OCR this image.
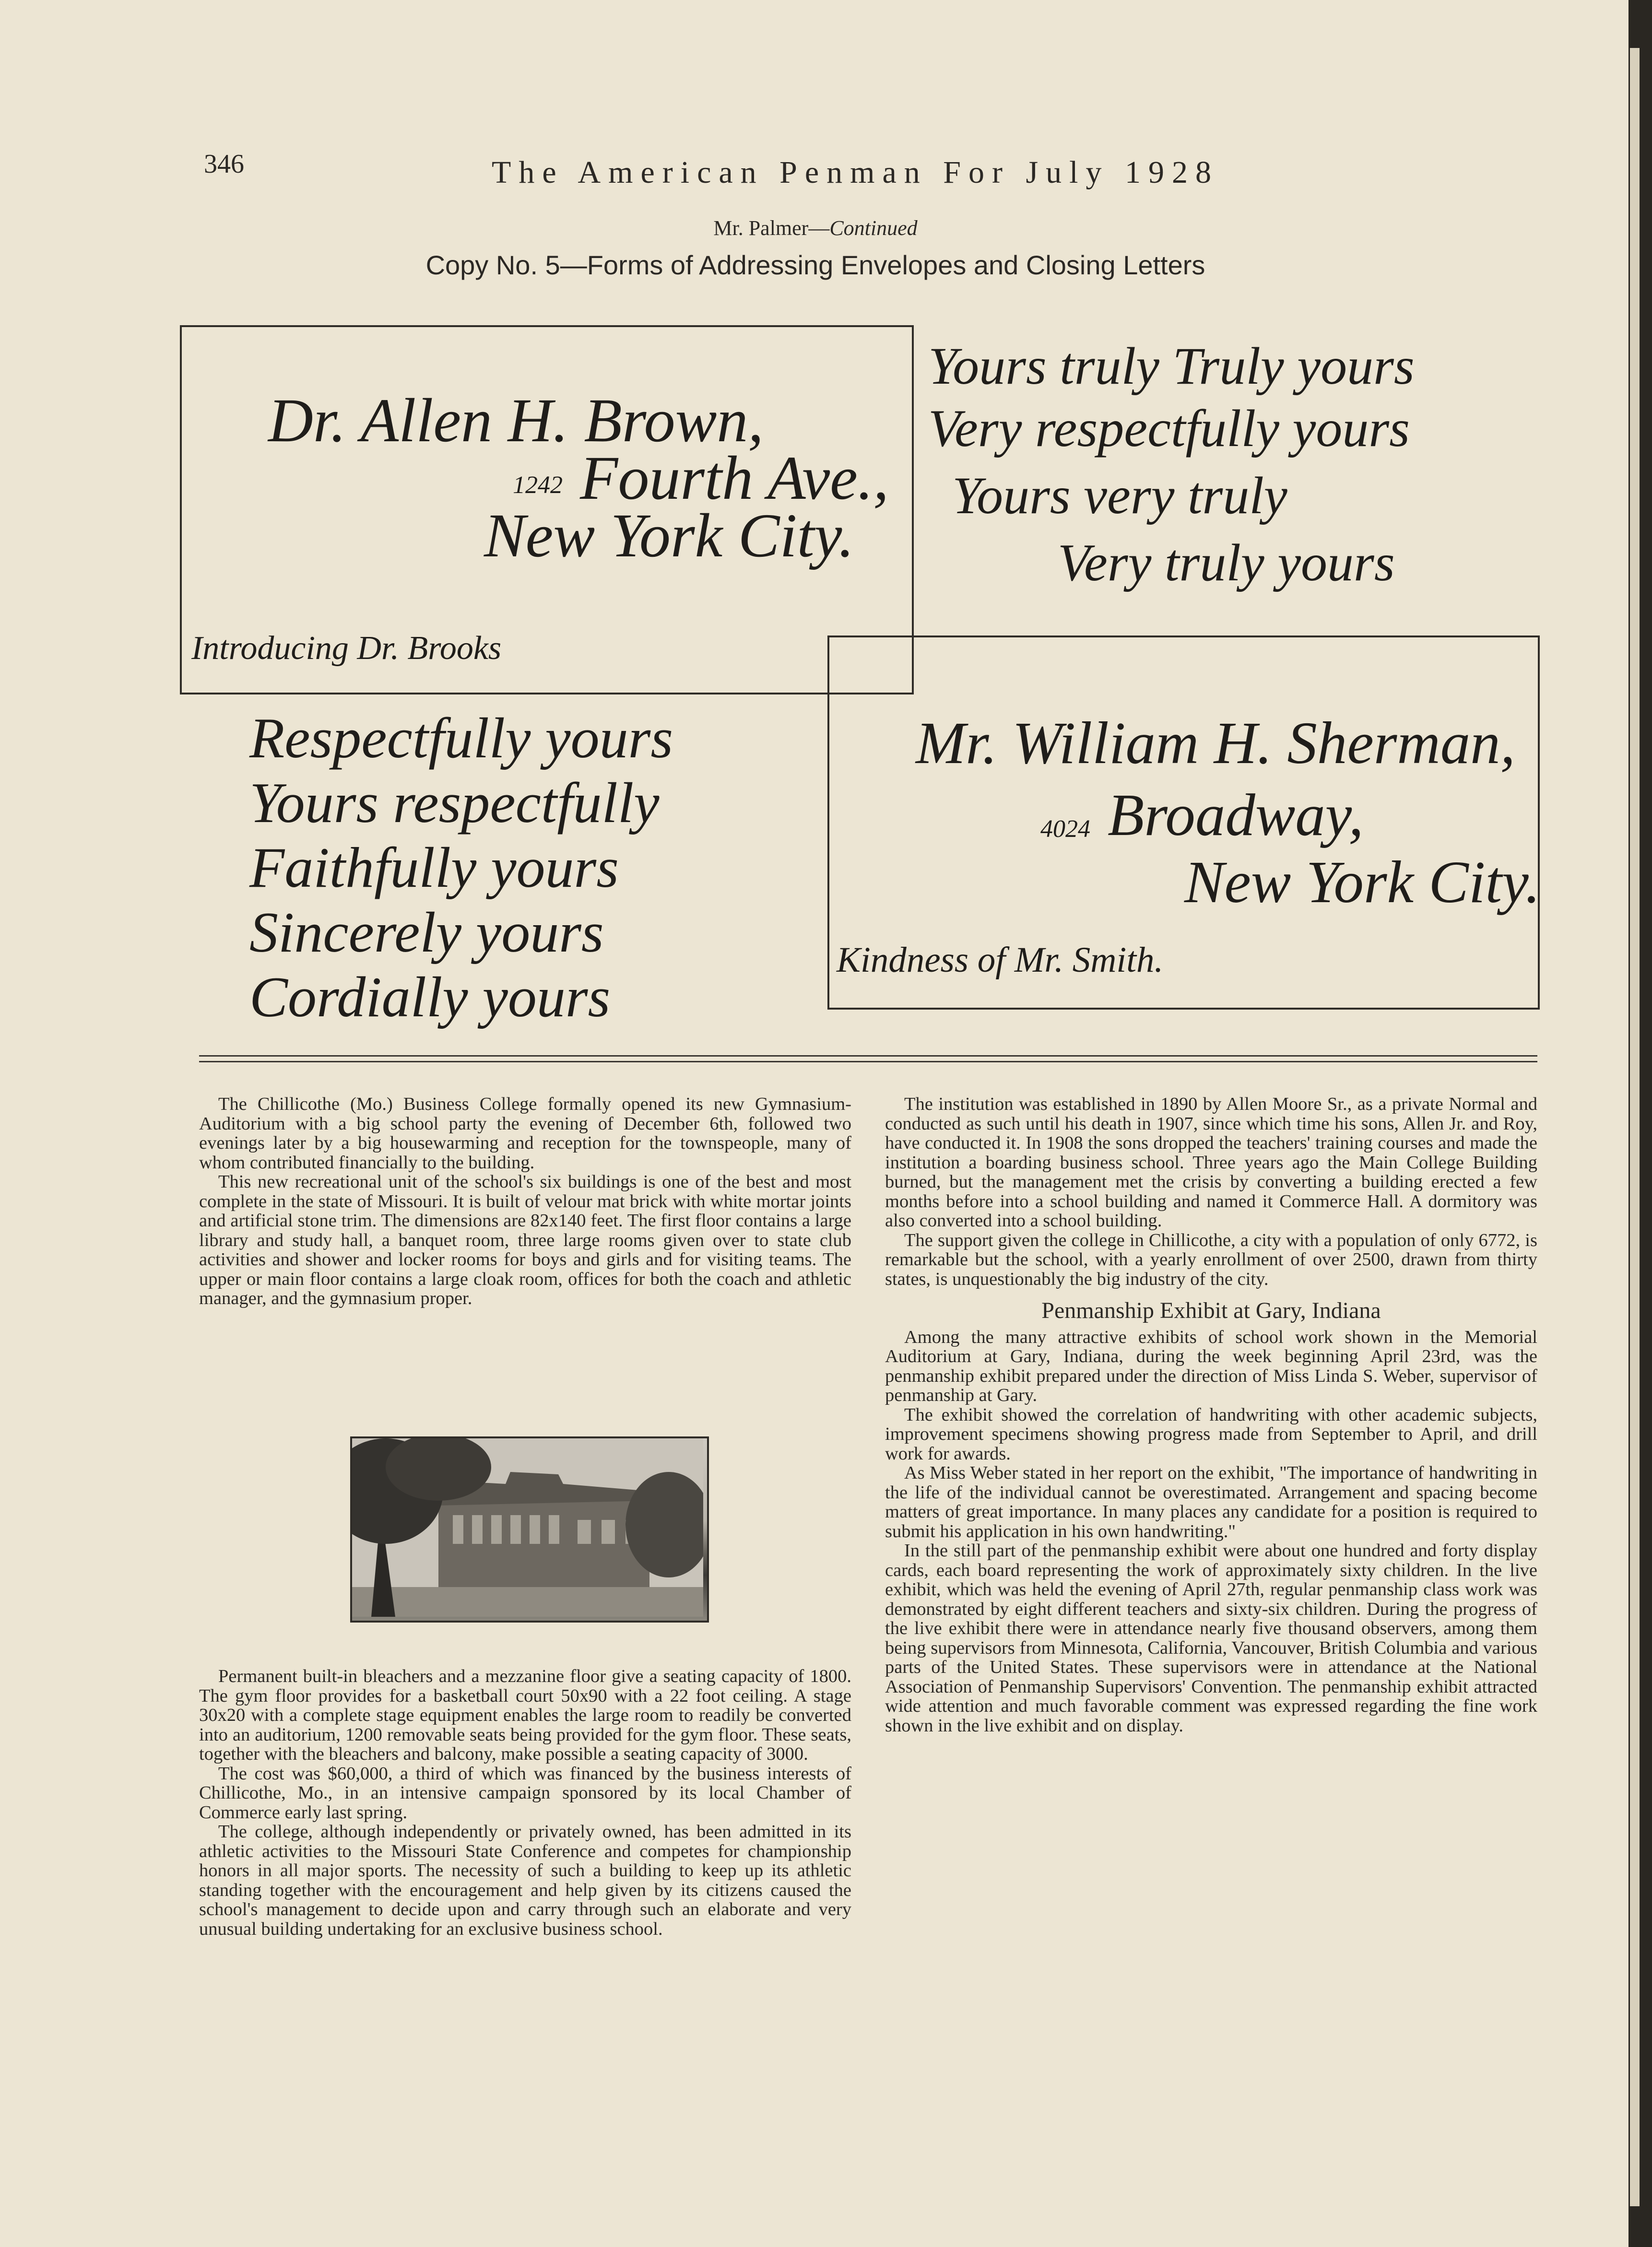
346	The American Penman For July 1928
Mr. Palmer—Continued
Copy No. 5—Forms of Addressing Envelopes and Closing Letters
Dr. Allen H. Brown,
1242 Fourth Ave.,
New York City.
Introducing Dr. Brooks
Yours truly Truly yours
Very respectfully yours
Yours very truly
Very truly yours
Respectfully yours
Yours respectfully
Faithfully yours
Sincerely yours
Cordially yours
Mr. William H. Sherman,
4024 Broadway,
New York City.
Kindness of Mr. Smith.

The Chillicothe (Mo.) Business College formally opened its new Gymnasium-Auditorium with a big school party the evening of December 6th, followed two evenings later by a big housewarming and reception for the townspeople, many of whom contributed financially to the building.

This new recreational unit of the school's six buildings is one of the best and most complete in the state of Missouri. It is built of velour mat brick with white mortar joints and artificial stone trim. The dimensions are 82x140 feet. The first floor contains a large library and study hall, a banquet room, three large rooms given over to state club activities and shower and locker rooms for boys and girls and for visiting teams. The upper or main floor contains a large cloak room, offices for both the coach and athletic manager, and the gymnasium proper.

Permanent built-in bleachers and a mezzanine floor give a seating capacity of 1800. The gym floor provides for a basketball court 50x90 with a 22 foot ceiling. A stage 30x20 with a complete stage equipment enables the large room to readily be converted into an auditorium, 1200 removable seats being provided for the gym floor. These seats, together with the bleachers and balcony, make possible a seating capacity of 3000.

The cost was $60,000, a third of which was financed by the business interests of Chillicothe, Mo., in an intensive campaign sponsored by its local Chamber of Commerce early last spring.

The college, although independently or privately owned, has been admitted in its athletic activities to the Missouri State Conference and competes for championship honors in all major sports. The necessity of such a building to keep up its athletic standing together with the encouragement and help given by its citizens caused the school's management to decide upon and carry through such an elaborate and very unusual building undertaking for an exclusive business school.

The institution was established in 1890 by Allen Moore Sr., as a private Normal and conducted as such until his death in 1907, since which time his sons, Allen Jr. and Roy, have conducted it. In 1908 the sons dropped the teachers' training courses and made the institution a boarding business school. Three years ago the Main College Building burned, but the management met the crisis by converting a building erected a few months before into a school building and named it Commerce Hall. A dormitory was also converted into a school building.

The support given the college in Chillicothe, a city with a population of only 6772, is remarkable but the school, with a yearly enrollment of over 2500, drawn from thirty states, is unquestionably the big industry of the city.

Penmanship Exhibit at Gary, Indiana

Among the many attractive exhibits of school work shown in the Memorial Auditorium at Gary, Indiana, during the week beginning April 23rd, was the penmanship exhibit prepared under the direction of Miss Linda S. Weber, supervisor of penmanship at Gary.

The exhibit showed the correlation of handwriting with other academic subjects, improvement specimens showing progress made from September to April, and drill work for awards.

As Miss Weber stated in her report on the exhibit, "The importance of handwriting in the life of the individual cannot be overestimated. Arrangement and spacing become matters of great importance. In many places any candidate for a position is required to submit his application in his own handwriting."

In the still part of the penmanship exhibit were about one hundred and forty display cards, each board representing the work of approximately sixty children. In the live exhibit, which was held the evening of April 27th, regular penmanship class work was demonstrated by eight different teachers and sixty-six children. During the progress of the live exhibit there were in attendance nearly five thousand observers, among them being supervisors from Minnesota, California, Vancouver, British Columbia and various parts of the United States. These supervisors were in attendance at the National Association of Penmanship Supervisors' Convention. The penmanship exhibit attracted wide attention and much favorable comment was expressed regarding the fine work shown in the live exhibit and on display.
